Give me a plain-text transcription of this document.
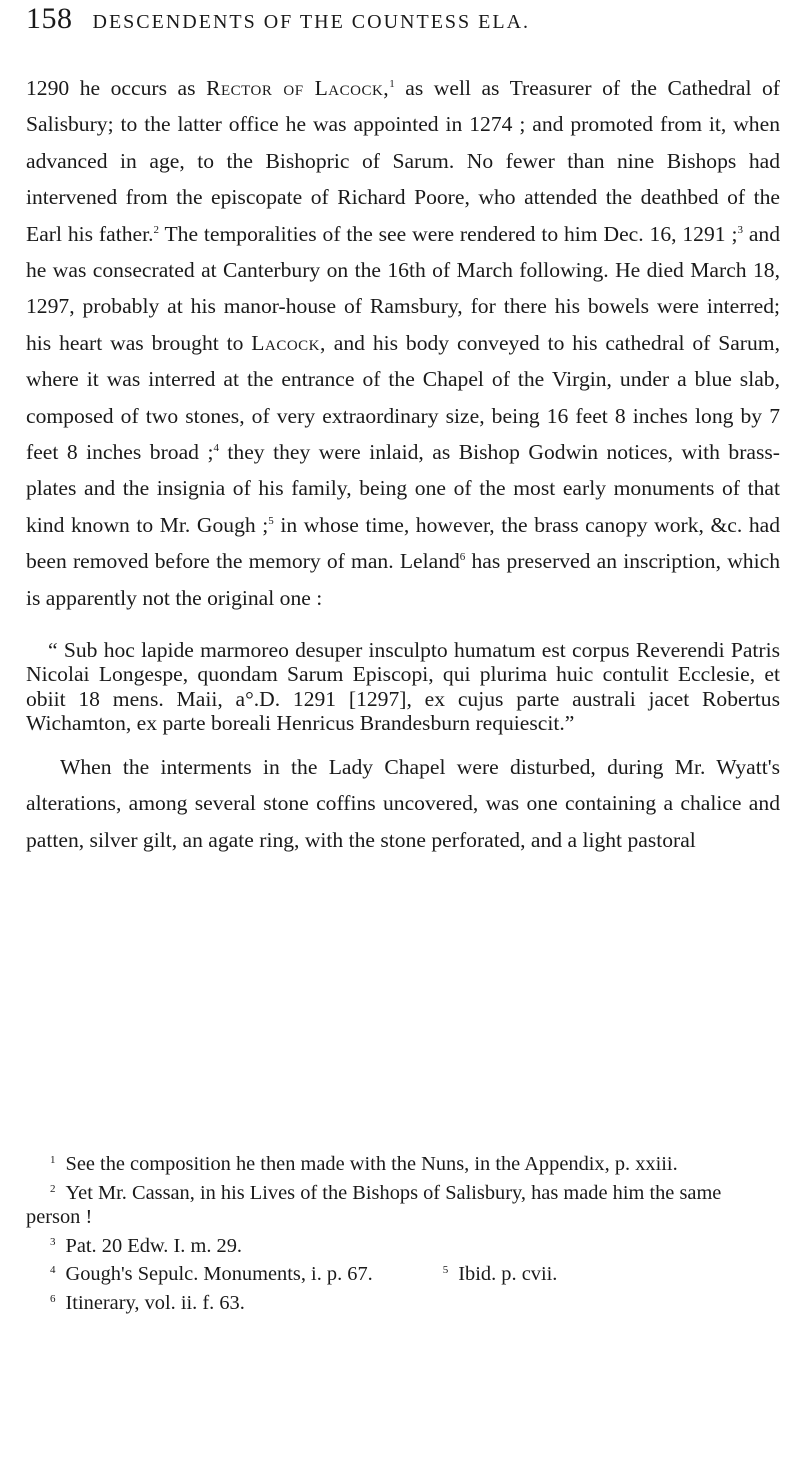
158 DESCENDENTS OF THE COUNTESS ELA.

1290 he occurs as Rector of Lacock,$^1$ as well as Treasurer of the Cathedral of Salisbury; to the latter office he was appointed in 1274 ; and promoted from it, when advanced in age, to the Bishopric of Sarum. No fewer than nine Bishops had intervened from the episcopate of Richard Poore, who attended the deathbed of the Earl his father.$^2$ The temporalities of the see were rendered to him Dec. 16, 1291 ;$^3$ and he was consecrated at Canterbury on the 16th of March following. He died March 18, 1297, probably at his manor-house of Ramsbury, for there his bowels were interred; his heart was brought to Lacock, and his body conveyed to his cathedral of Sarum, where it was interred at the entrance of the Chapel of the Virgin, under a blue slab, composed of two stones, of very extraordinary size, being 16 feet 8 inches long by 7 feet 8 inches broad ;$^4$ they they were inlaid, as Bishop Godwin notices, with brass-plates and the insignia of his family, being one of the most early monuments of that kind known to Mr. Gough ;$^5$ in whose time, however, the brass canopy work, &c. had been removed before the memory of man. Leland$^6$ has preserved an inscription, which is apparently not the original one :

“ Sub hoc lapide marmoreo desuper insculpto humatum est corpus Reverendi Patris Nicolai Longespe, quondam Sarum Episcopi, qui plurima huic contulit Ecclesie, et obiit 18 mens. Maii, a°.D. 1291 [1297], ex cujus parte australi jacet Robertus Wichamton, ex parte boreali Henricus Brandesburn requiescit.”

When the interments in the Lady Chapel were disturbed, during Mr. Wyatt's alterations, among several stone coffins uncovered, was one containing a chalice and patten, silver gilt, an agate ring, with the stone perforated, and a light pastoral

$^1$ See the composition he then made with the Nuns, in the Appendix, p. xxiii.

$^2$ Yet Mr. Cassan, in his Lives of the Bishops of Salisbury, has made him the same person !

$^3$ Pat. 20 Edw. I. m. 29.

$^4$ Gough's Sepulc. Monuments, i. p. 67.	$^5$ Ibid. p. cvii.

$^6$ Itinerary, vol. ii. f. 63.
